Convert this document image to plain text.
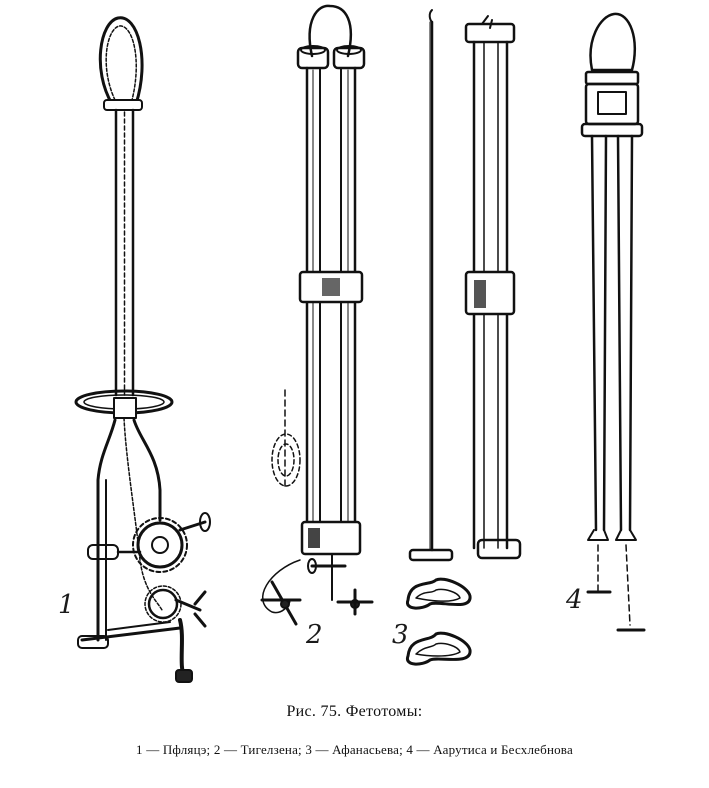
1
2	3
4
Рис. 75. Фетотомы:
1 — Пфляцэ; 2 — Тигелзена; 3 — Афанасьева; 4 — Аарутиса и Бесхлебнова
